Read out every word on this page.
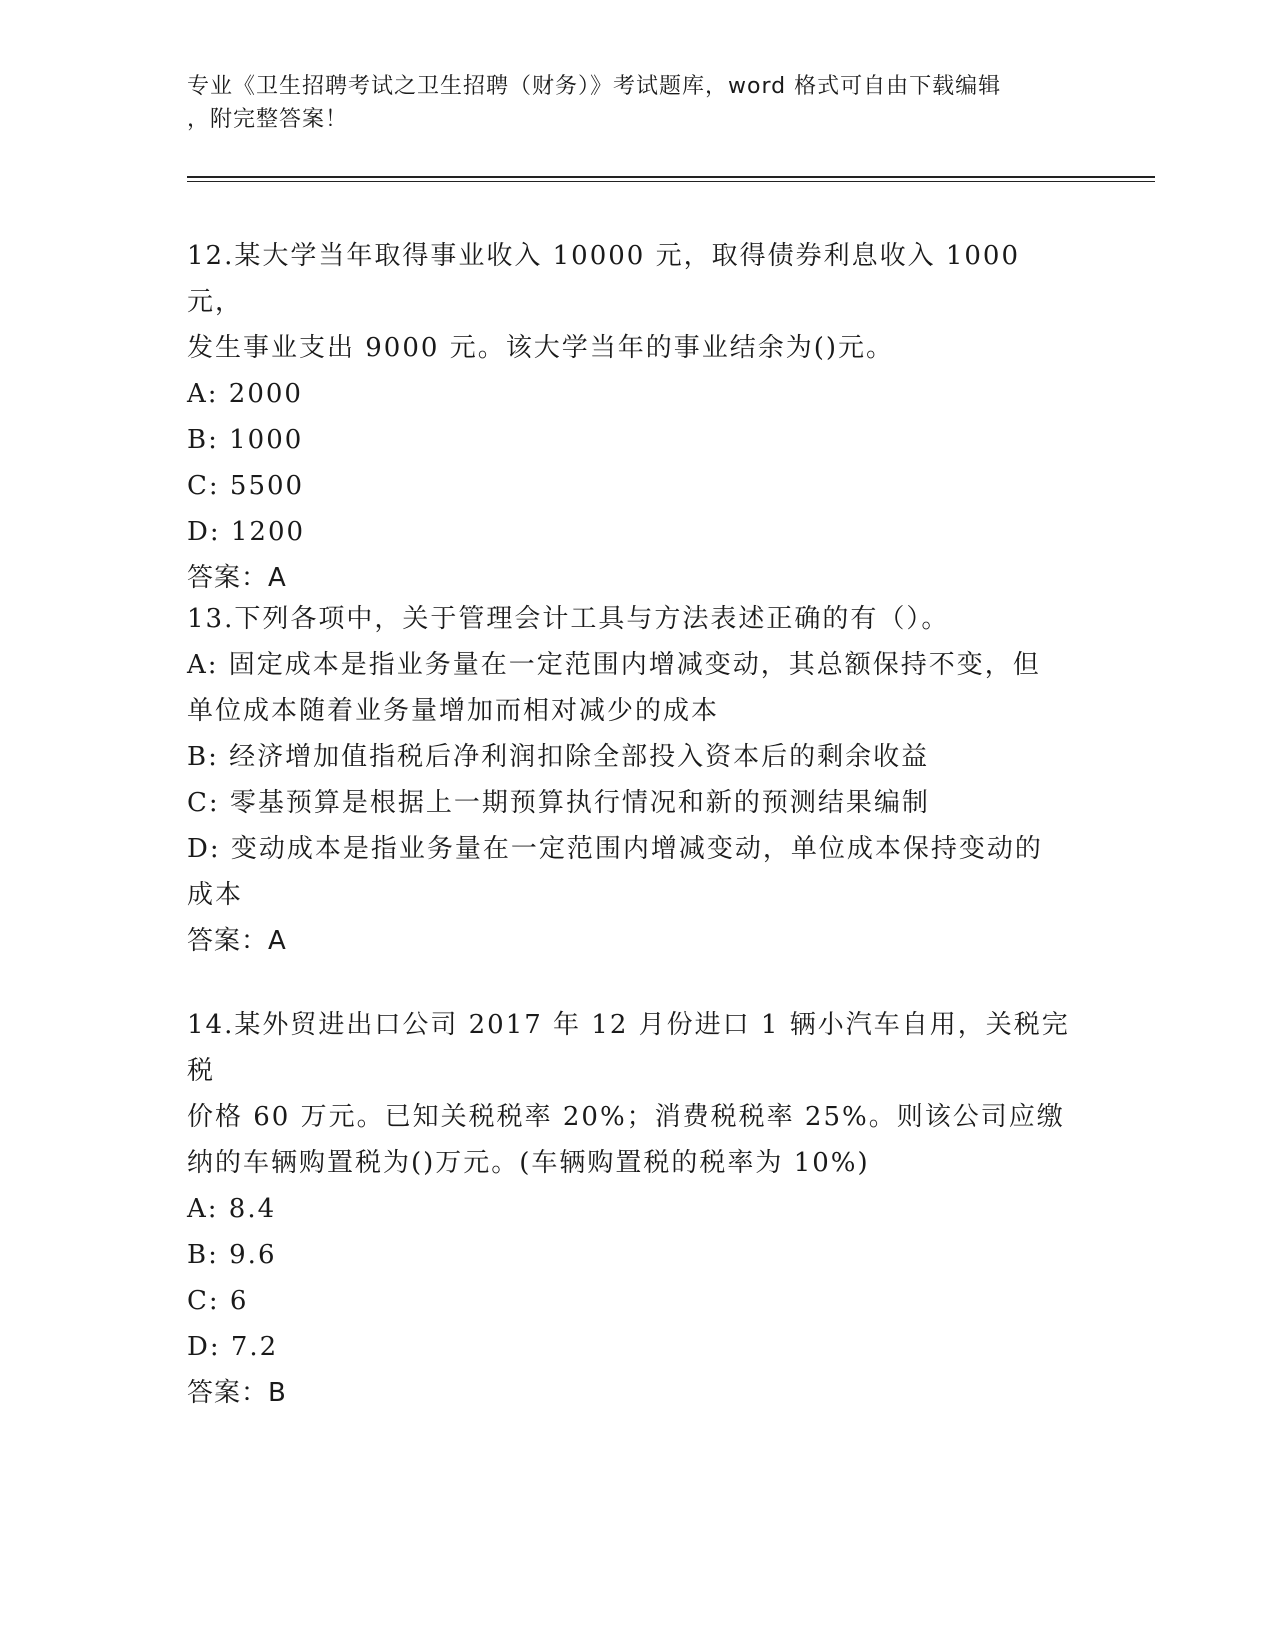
专业《卫生招聘考试之卫生招聘（财务）》考试题库，word 格式可自由下载编辑
，附完整答案！
12.某大学当年取得事业收入 10000 元，取得债券利息收入 1000 元，
发生事业支出 9000 元。该大学当年的事业结余为()元。
A: 2000
B: 1000
C: 5500
D: 1200
答案：A
13.下列各项中，关于管理会计工具与方法表述正确的有（）。
A: 固定成本是指业务量在一定范围内增减变动，其总额保持不变，但
单位成本随着业务量增加而相对减少的成本
B: 经济增加值指税后净利润扣除全部投入资本后的剩余收益
C: 零基预算是根据上一期预算执行情况和新的预测结果编制
D: 变动成本是指业务量在一定范围内增减变动，单位成本保持变动的
成本
答案：A
14.某外贸进出口公司 2017 年 12 月份进口 1 辆小汽车自用，关税完税
价格 60 万元。已知关税税率 20%；消费税税率 25%。则该公司应缴
纳的车辆购置税为()万元。(车辆购置税的税率为 10%)
A: 8.4
B: 9.6
C: 6
D: 7.2
答案：B
